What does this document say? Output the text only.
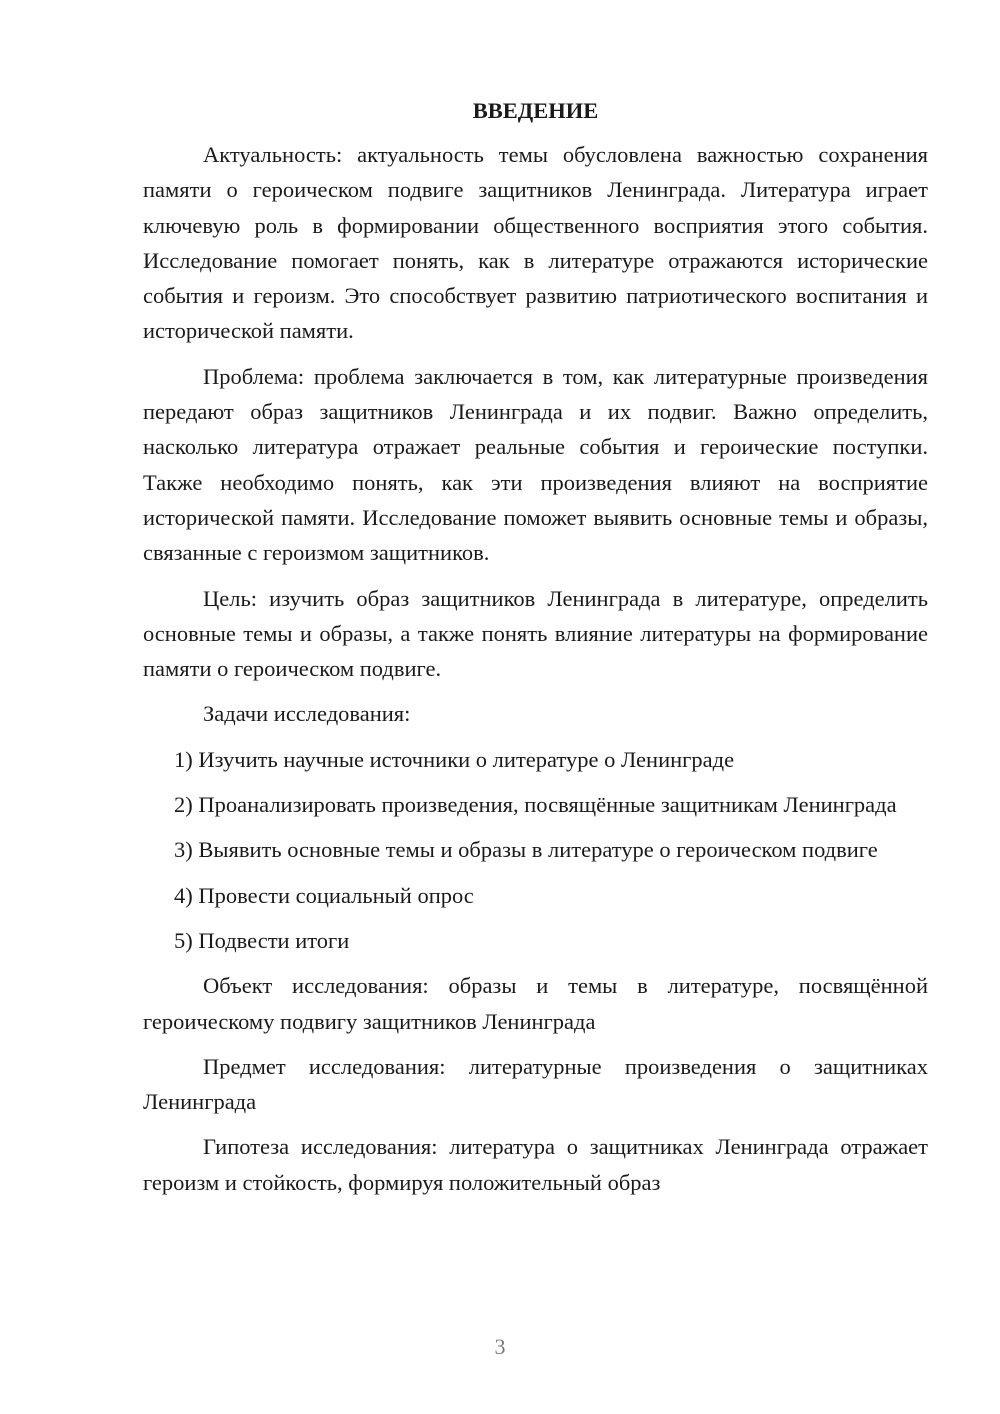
ВВЕДЕНИЕ

Актуальность: актуальность темы обусловлена важностью сохранения памяти о героическом подвиге защитников Ленинграда. Литература играет ключевую роль в формировании общественного восприятия этого события. Исследование помогает понять, как в литературе отражаются исторические события и героизм. Это способствует развитию патриотического воспитания и исторической памяти.

Проблема: проблема заключается в том, как литературные произведения передают образ защитников Ленинграда и их подвиг. Важно определить, насколько литература отражает реальные события и героические поступки. Также необходимо понять, как эти произведения влияют на восприятие исторической памяти. Исследование поможет выявить основные темы и образы, связанные с героизмом защитников.

Цель: изучить образ защитников Ленинграда в литературе, определить основные темы и образы, а также понять влияние литературы на формирование памяти о героическом подвиге.

Задачи исследования:

1) Изучить научные источники о литературе о Ленинграде

2) Проанализировать произведения, посвящённые защитникам Ленинграда

3) Выявить основные темы и образы в литературе о героическом подвиге

4) Провести социальный опрос

5) Подвести итоги

Объект исследования: образы и темы в литературе, посвящённой героическому подвигу защитников Ленинграда

Предмет исследования: литературные произведения о защитниках Ленинграда

Гипотеза исследования: литература о защитниках Ленинграда отражает героизм и стойкость, формируя положительный образ

3
